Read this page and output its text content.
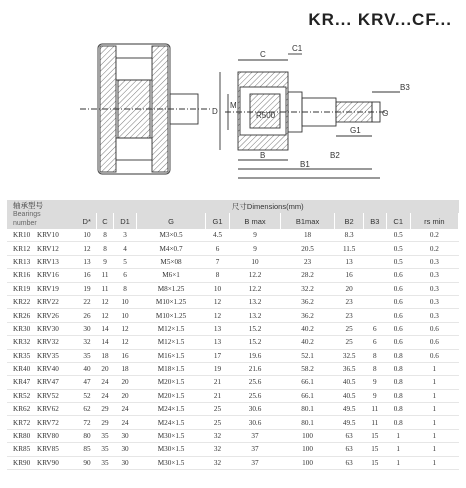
KR... KRV...CF...
C
C1
D
M
R500
G1
G
B
B1
B2
B3
轴承型号
Bearings
number		尺寸Dimensions(mm)										
		D*	C	D1	G	G1	B max	B1max	B2	B3	C1	rs min
KR10	KRV10	10	8	3	M3×0.5	4.5	9	18	8.3		0.5	0.2
KR12	KRV12	12	8	4	M4×0.7	6	9	20.5	11.5		0.5	0.2
KR13	KRV13	13	9	5	M5×08	7	10	23	13		0.5	0.3
KR16	KRV16	16	11	6	M6×1	8	12.2	28.2	16		0.6	0.3
KR19	KRV19	19	11	8	M8×1.25	10	12.2	32.2	20		0.6	0.3
KR22	KRV22	22	12	10	M10×1.25	12	13.2	36.2	23		0.6	0.3
KR26	KRV26	26	12	10	M10×1.25	12	13.2	36.2	23		0.6	0.3
KR30	KRV30	30	14	12	M12×1.5	13	15.2	40.2	25	6	0.6	0.6
KR32	KRV32	32	14	12	M12×1.5	13	15.2	40.2	25	6	0.6	0.6
KR35	KRV35	35	18	16	M16×1.5	17	19.6	52.1	32.5	8	0.8	0.6
KR40	KRV40	40	20	18	M18×1.5	19	21.6	58.2	36.5	8	0.8	1
KR47	KRV47	47	24	20	M20×1.5	21	25.6	66.1	40.5	9	0.8	1
KR52	KRV52	52	24	20	M20×1.5	21	25.6	66.1	40.5	9	0.8	1
KR62	KRV62	62	29	24	M24×1.5	25	30.6	80.1	49.5	11	0.8	1
KR72	KRV72	72	29	24	M24×1.5	25	30.6	80.1	49.5	11	0.8	1
KR80	KRV80	80	35	30	M30×1.5	32	37	100	63	15	1	1
KR85	KRV85	85	35	30	M30×1.5	32	37	100	63	15	1	1
KR90	KRV90	90	35	30	M30×1.5	32	37	100	63	15	1	1
